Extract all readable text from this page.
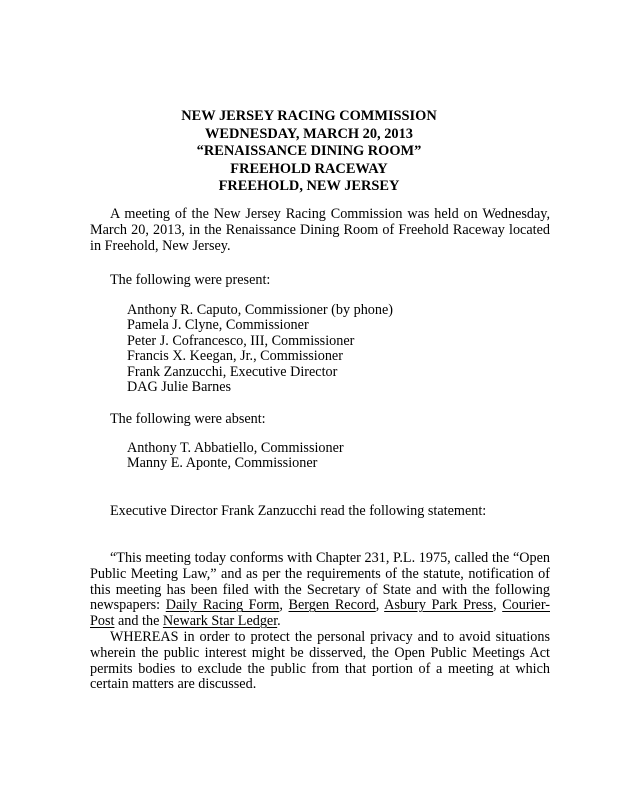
NEW JERSEY RACING COMMISSION
WEDNESDAY, MARCH 20, 2013
“RENAISSANCE DINING ROOM”
FREEHOLD RACEWAY
FREEHOLD, NEW JERSEY
A meeting of the New Jersey Racing Commission was held on Wednesday, March 20, 2013, in the Renaissance Dining Room of Freehold Raceway located in Freehold, New Jersey.
The following were present:
Anthony R. Caputo, Commissioner (by phone)
Pamela J. Clyne, Commissioner
Peter J. Cofrancesco, III, Commissioner
Francis X. Keegan, Jr., Commissioner
Frank Zanzucchi, Executive Director
DAG Julie Barnes
The following were absent:
Anthony T. Abbatiello, Commissioner
Manny E. Aponte, Commissioner
Executive Director Frank Zanzucchi read the following statement:
“This meeting today conforms with Chapter 231, P.L. 1975, called the “Open Public Meeting Law,” and as per the requirements of the statute, notification of this meeting has been filed with the Secretary of State and with the following newspapers: Daily Racing Form, Bergen Record, Asbury Park Press, Courier-Post and the Newark Star Ledger.
WHEREAS in order to protect the personal privacy and to avoid situations wherein the public interest might be disserved, the Open Public Meetings Act permits bodies to exclude the public from that portion of a meeting at which certain matters are discussed.
